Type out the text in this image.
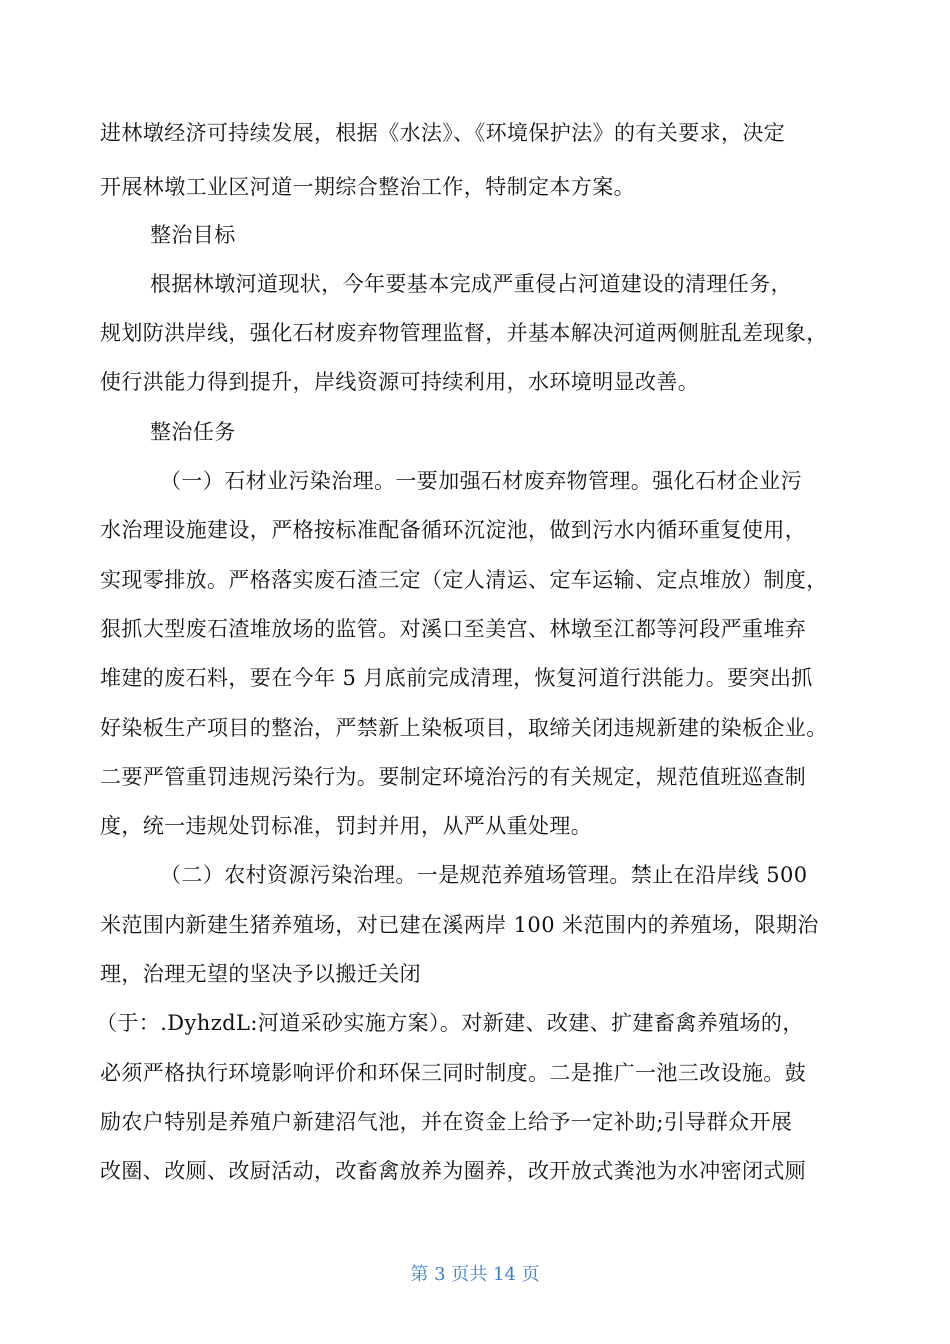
进林墩经济可持续发展，根据《水法》、《环境保护法》的有关要求，决定
开展林墩工业区河道一期综合整治工作，特制定本方案。
整治目标
根据林墩河道现状，今年要基本完成严重侵占河道建设的清理任务，
规划防洪岸线，强化石材废弃物管理监督，并基本解决河道两侧脏乱差现象，
使行洪能力得到提升，岸线资源可持续利用，水环境明显改善。
整治任务
（一）石材业污染治理。一要加强石材废弃物管理。强化石材企业污
水治理设施建设，严格按标准配备循环沉淀池，做到污水内循环重复使用，
实现零排放。严格落实废石渣三定（定人清运、定车运输、定点堆放）制度，
狠抓大型废石渣堆放场的监管。对溪口至美宫、林墩至江都等河段严重堆弃
堆建的废石料，要在今年 5 月底前完成清理，恢复河道行洪能力。要突出抓
好染板生产项目的整治，严禁新上染板项目，取缔关闭违规新建的染板企业。
二要严管重罚违规污染行为。要制定环境治污的有关规定，规范值班巡查制
度，统一违规处罚标准，罚封并用，从严从重处理。
（二）农村资源污染治理。一是规范养殖场管理。禁止在沿岸线 500
米范围内新建生猪养殖场，对已建在溪两岸 100 米范围内的养殖场，限期治
理，治理无望的坚决予以搬迁关闭
（于：.DyhzdL:河道采砂实施方案）。对新建、改建、扩建畜禽养殖场的，
必须严格执行环境影响评价和环保三同时制度。二是推广一池三改设施。鼓
励农户特别是养殖户新建沼气池，并在资金上给予一定补助;引导群众开展
改圈、改厕、改厨活动，改畜禽放养为圈养，改开放式粪池为水冲密闭式厕
第 3 页共 14 页
